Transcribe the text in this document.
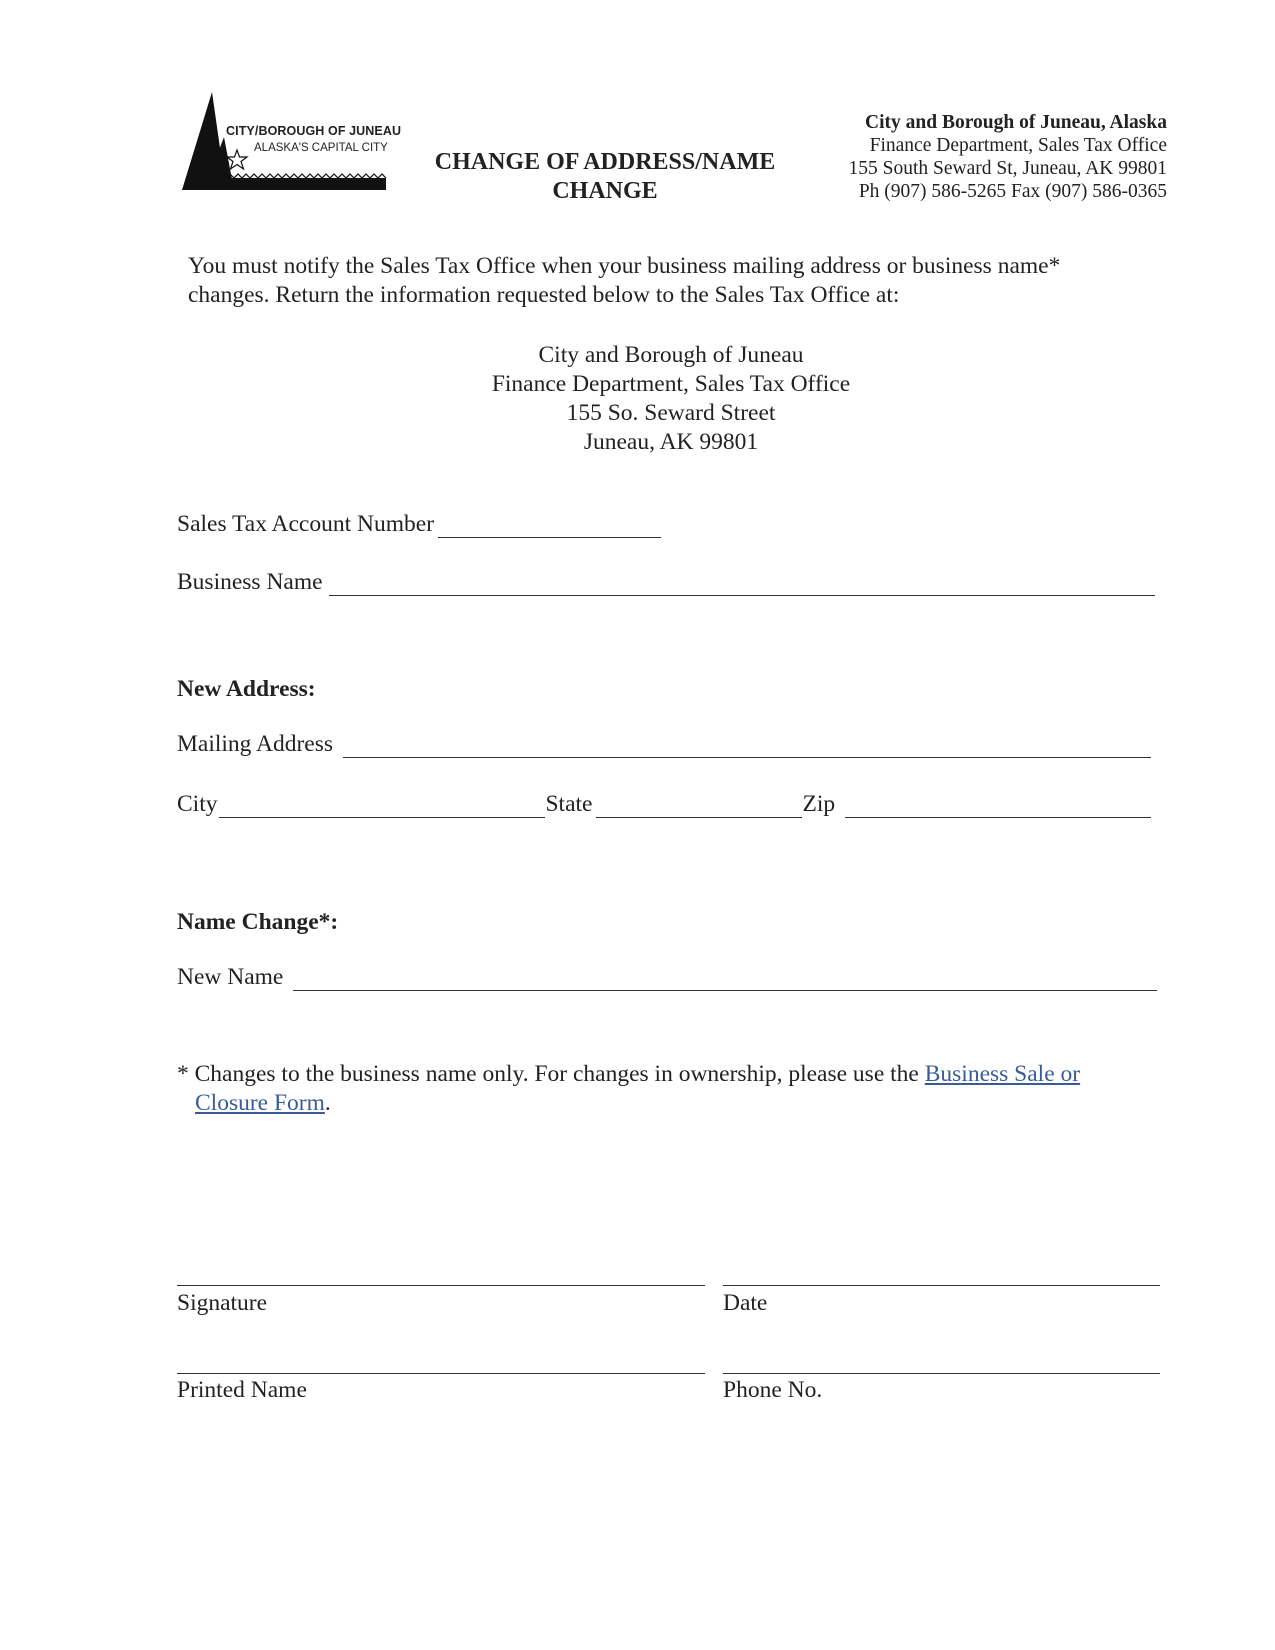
CITY/BOROUGH OF JUNEAU
ALASKA'S CAPITAL CITY
CHANGE OF ADDRESS/NAME
CHANGE
City and Borough of Juneau, Alaska
Finance Department, Sales Tax Office
155 South Seward St, Juneau, AK 99801
Ph (907) 586-5265 Fax (907) 586-0365
You must notify the Sales Tax Office when your business mailing address or business name*
changes. Return the information requested below to the Sales Tax Office at:
City and Borough of Juneau
Finance Department, Sales Tax Office
155 So. Seward Street
Juneau, AK 99801
Sales Tax Account Number
Business Name
New Address:
Mailing Address
City	State	Zip
Name Change*:
New Name
* Changes to the business name only. For changes in ownership, please use the Business Sale or
Closure Form.
Signature	Date
Printed Name	Phone No.
